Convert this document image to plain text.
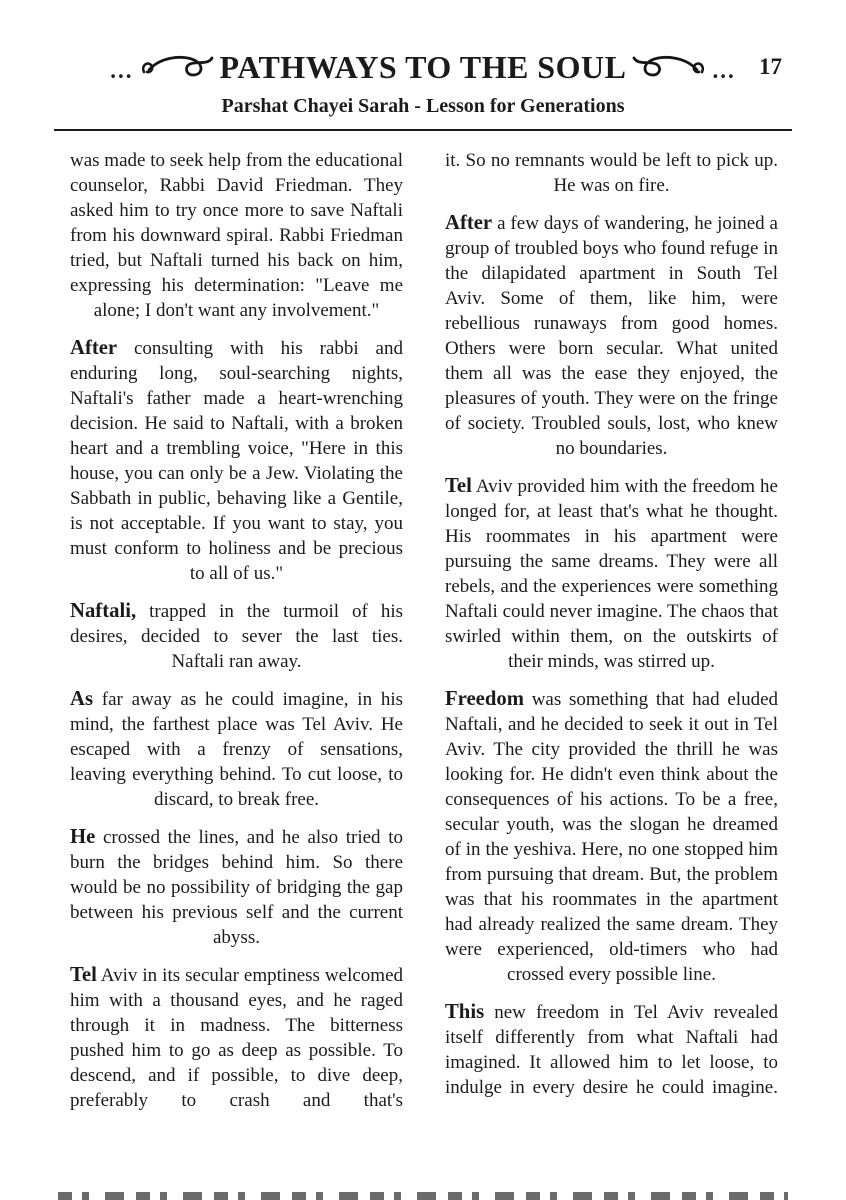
...	PATHWAYS TO THE SOUL	... 17
Parshat Chayei Sarah - Lesson for Generations

was made to seek help from the educational counselor, Rabbi David Friedman. They asked him to try once more to save Naftali from his downward spiral. Rabbi Friedman tried, but Naftali turned his back on him, expressing his determination: "Leave me alone; I don't want any involvement."

After consulting with his rabbi and enduring long, soul-searching nights, Naftali's father made a heart-wrenching decision. He said to Naftali, with a broken heart and a trembling voice, "Here in this house, you can only be a Jew. Violating the Sabbath in public, behaving like a Gentile, is not acceptable. If you want to stay, you must conform to holiness and be precious to all of us."

Naftali, trapped in the turmoil of his desires, decided to sever the last ties. Naftali ran away.

As far away as he could imagine, in his mind, the farthest place was Tel Aviv. He escaped with a frenzy of sensations, leaving everything behind. To cut loose, to discard, to break free.

He crossed the lines, and he also tried to burn the bridges behind him. So there would be no possibility of bridging the gap between his previous self and the current abyss.

Tel Aviv in its secular emptiness welcomed him with a thousand eyes, and he raged through it in madness. The bitterness pushed him to go as deep as possible. To descend, and if possible, to dive deep, preferably to crash and that's

it. So no remnants would be left to pick up. He was on fire.

After a few days of wandering, he joined a group of troubled boys who found refuge in the dilapidated apartment in South Tel Aviv. Some of them, like him, were rebellious runaways from good homes. Others were born secular. What united them all was the ease they enjoyed, the pleasures of youth. They were on the fringe of society. Troubled souls, lost, who knew no boundaries.

Tel Aviv provided him with the freedom he longed for, at least that's what he thought. His roommates in his apartment were pursuing the same dreams. They were all rebels, and the experiences were something Naftali could never imagine. The chaos that swirled within them, on the outskirts of their minds, was stirred up.

Freedom was something that had eluded Naftali, and he decided to seek it out in Tel Aviv. The city provided the thrill he was looking for. He didn't even think about the consequences of his actions. To be a free, secular youth, was the slogan he dreamed of in the yeshiva. Here, no one stopped him from pursuing that dream. But, the problem was that his roommates in the apartment had already realized the same dream. They were experienced, old-timers who had crossed every possible line.

This new freedom in Tel Aviv revealed itself differently from what Naftali had imagined. It allowed him to let loose, to indulge in every desire he could imagine.
